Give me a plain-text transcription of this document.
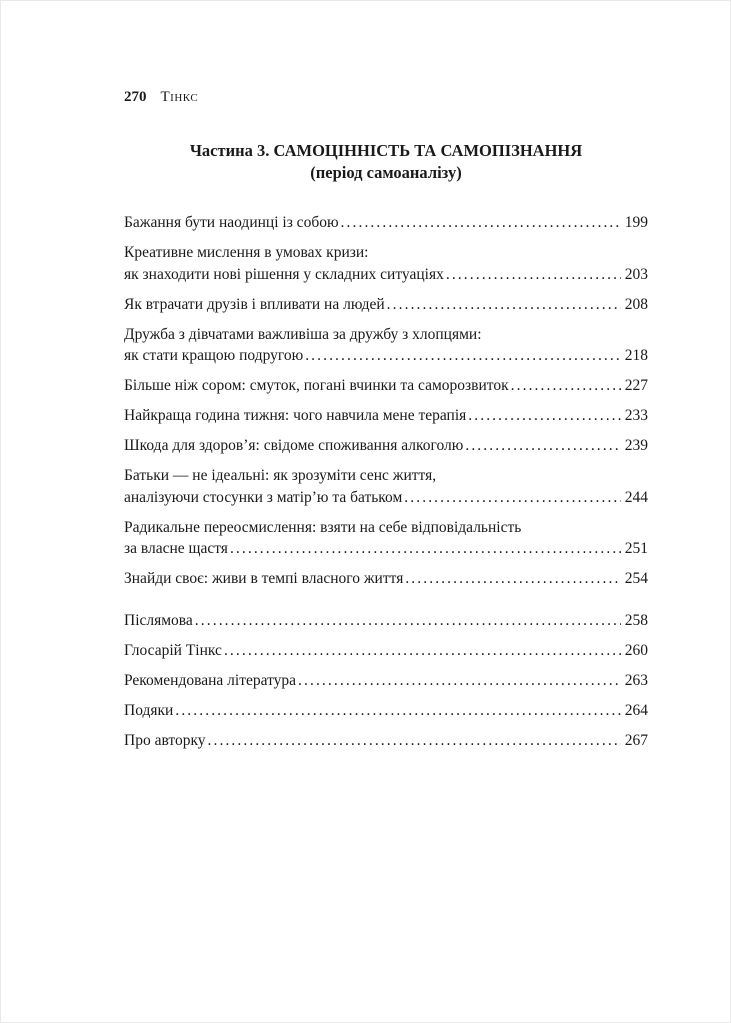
270 Тінкс
Частина 3. САМОЦІННІСТЬ ТА САМОПІЗНАННЯ
(період самоаналізу)
Бажання бути наодинці із собою .....	199
Креативне мислення в умовах кризи:
як знаходити нові рішення у складних ситуаціях .....	203
Як втрачати друзів і впливати на людей .....	208
Дружба з дівчатами важливіша за дружбу з хлопцями:
як стати кращою подругою .....	218
Більше ніж сором: смуток, погані вчинки та саморозвиток .....	227
Найкраща година тижня: чого навчила мене терапія .....	233
Шкода для здоров’я: свідоме споживання алкоголю .....	239
Батьки — не ідеальні: як зрозуміти сенс життя,
аналізуючи стосунки з матір’ю та батьком .....	244
Радикальне переосмислення: взяти на себе відповідальність
за власне щастя .....	251
Знайди своє: живи в темпі власного життя .....	254
Післямова .....	258
Глосарій Тінкс .....	260
Рекомендована література .....	263
Подяки .....	264
Про авторку .....	267
